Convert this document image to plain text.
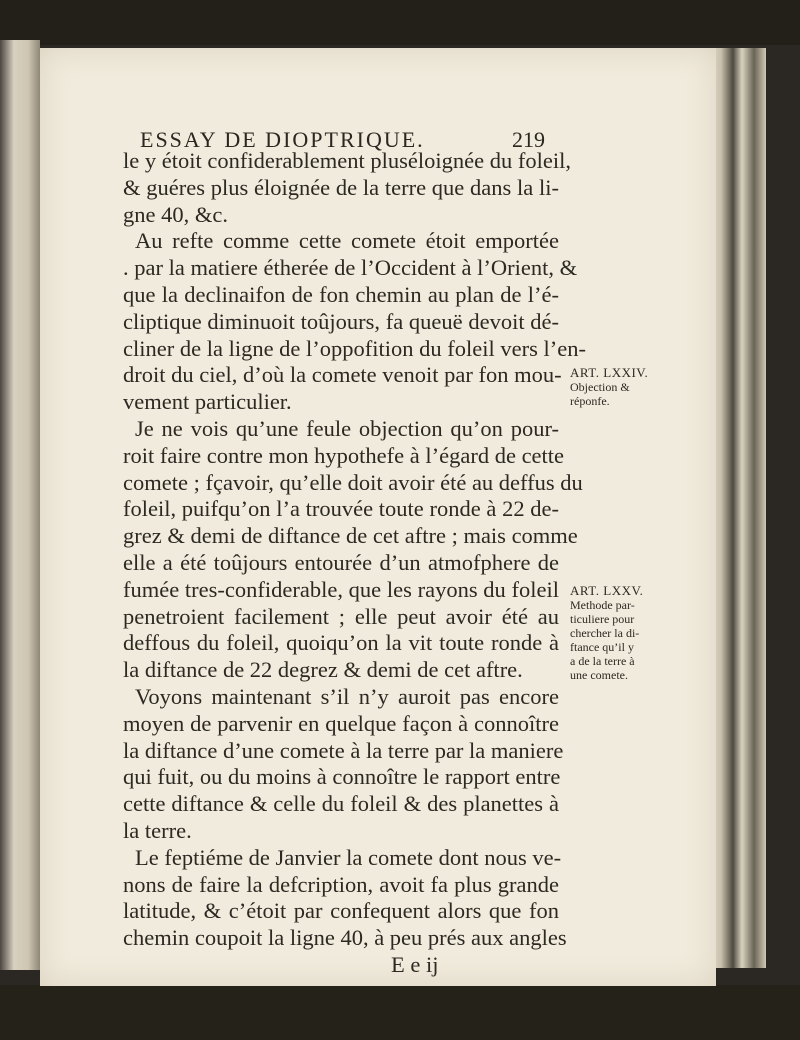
ESSAY DE DIOPTRIQUE.	219
le y étoit confiderablement pluséloignée du foleil,
& guéres plus éloignée de la terre que dans la li-
gne 40, &c.
Au refte comme cette comete étoit emportée
. par la matiere étherée de l’Occident à l’Orient, &
que la declinaifon de fon chemin au plan de l’é-
cliptique diminuoit toûjours, fa queuë devoit dé-
cliner de la ligne de l’oppofition du foleil vers l’en-
droit du ciel, d’où la comete venoit par fon mou-
vement particulier.
Je ne vois qu’une feule objection qu’on pour-
roit faire contre mon hypothefe à l’égard de cette
comete ; fçavoir, qu’elle doit avoir été au deffus du
foleil, puifqu’on l’a trouvée toute ronde à 22 de-
grez & demi de diftance de cet aftre ; mais comme
elle a été toûjours entourée d’un atmofphere de
fumée tres-confiderable, que les rayons du foleil
penetroient facilement ; elle peut avoir été au
deffous du foleil, quoiqu’on la vit toute ronde à
la diftance de 22 degrez & demi de cet aftre.
Voyons maintenant s’il n’y auroit pas encore
moyen de parvenir en quelque façon à connoître
la diftance d’une comete à la terre par la maniere
qui fuit, ou du moins à connoître le rapport entre
cette diftance & celle du foleil & des planettes à
la terre.
Le feptiéme de Janvier la comete dont nous ve-
nons de faire la defcription, avoit fa plus grande
latitude, & c’étoit par confequent alors que fon
chemin coupoit la ligne 40, à peu prés aux angles
E e ij
ART. LXXIV.
Objection &
réponfe.
ART. LXXV.
Methode par-
ticuliere pour
chercher la di-
ftance qu’il y
a de la terre à
une comete.
